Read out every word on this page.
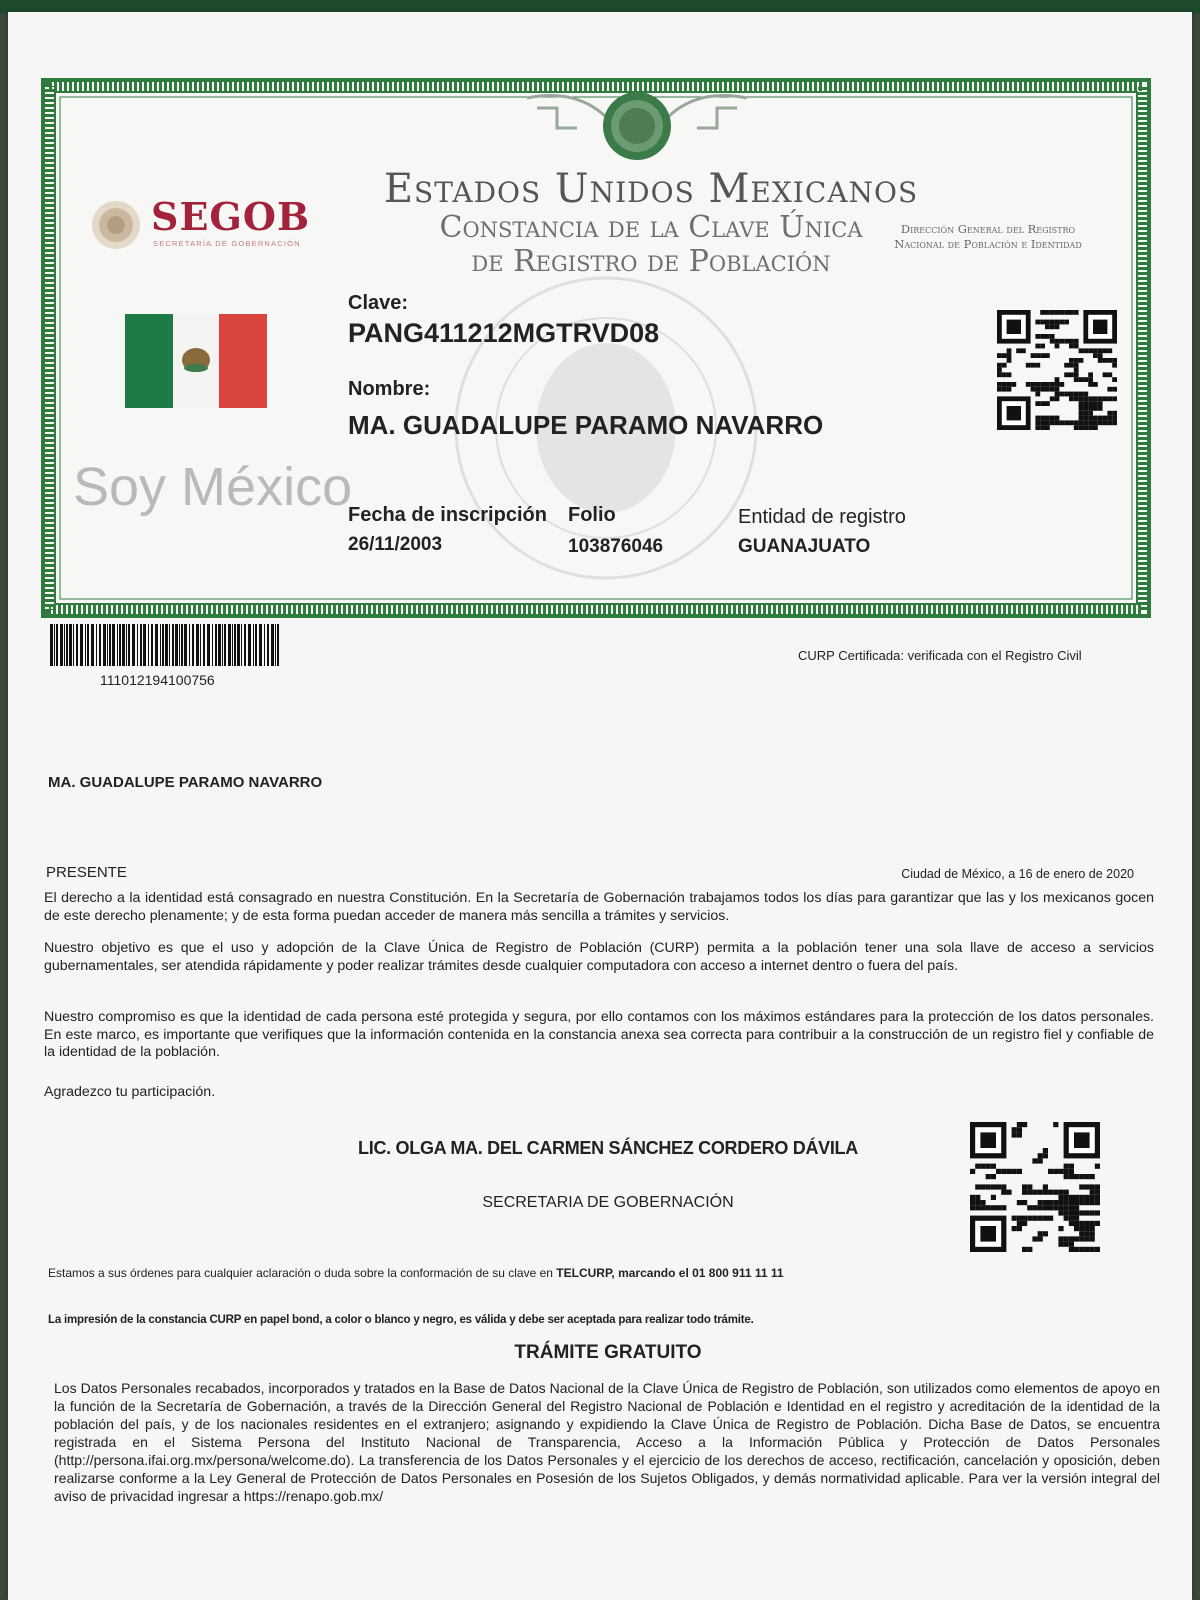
Estados Unidos Mexicanos
Constancia de la Clave Única
de Registro de Población
Dirección General del Registro Nacional de Población e Identidad
SEGOB
SECRETARÍA DE GOBERNACIÓN
Soy México
Clave:
PANG411212MGTRVD08
Nombre:
MA. GUADALUPE PARAMO NAVARRO
Fecha de inscripción
26/11/2003
Folio
103876046
Entidad de registro
GUANAJUATO
111012194100756
CURP Certificada: verificada con el Registro Civil
MA. GUADALUPE PARAMO NAVARRO
PRESENTE	Ciudad de México, a 16 de enero de 2020
El derecho a la identidad está consagrado en nuestra Constitución. En la Secretaría de Gobernación trabajamos todos los días para garantizar que las y los mexicanos gocen de este derecho plenamente; y de esta forma puedan acceder de manera más sencilla a trámites y servicios.
Nuestro objetivo es que el uso y adopción de la Clave Única de Registro de Población (CURP) permita a la población tener una sola llave de acceso a servicios gubernamentales, ser atendida rápidamente y poder realizar trámites desde cualquier computadora con acceso a internet dentro o fuera del país.
Nuestro compromiso es que la identidad de cada persona esté protegida y segura, por ello contamos con los máximos estándares para la protección de los datos personales. En este marco, es importante que verifiques que la información contenida en la constancia anexa sea correcta para contribuir a la construcción de un registro fiel y confiable de la identidad de la población.
Agradezco tu participación.
LIC. OLGA MA. DEL CARMEN SÁNCHEZ CORDERO DÁVILA
SECRETARIA DE GOBERNACIÓN
Estamos a sus órdenes para cualquier aclaración o duda sobre la conformación de su clave en TELCURP, marcando el 01 800 911 11 11
La impresión de la constancia CURP en papel bond, a color o blanco y negro, es válida y debe ser aceptada para realizar todo trámite.
TRÁMITE GRATUITO
Los Datos Personales recabados, incorporados y tratados en la Base de Datos Nacional de la Clave Única de Registro de Población, son utilizados como elementos de apoyo en la función de la Secretaría de Gobernación, a través de la Dirección General del Registro Nacional de Población e Identidad en el registro y acreditación de la identidad de la población del país, y de los nacionales residentes en el extranjero; asignando y expidiendo la Clave Única de Registro de Población. Dicha Base de Datos, se encuentra registrada en el Sistema Persona del Instituto Nacional de Transparencia, Acceso a la Información Pública y Protección de Datos Personales (http://persona.ifai.org.mx/persona/welcome.do). La transferencia de los Datos Personales y el ejercicio de los derechos de acceso, rectificación, cancelación y oposición, deben realizarse conforme a la Ley General de Protección de Datos Personales en Posesión de los Sujetos Obligados, y demás normatividad aplicable. Para ver la versión integral del aviso de privacidad ingresar a https://renapo.gob.mx/
